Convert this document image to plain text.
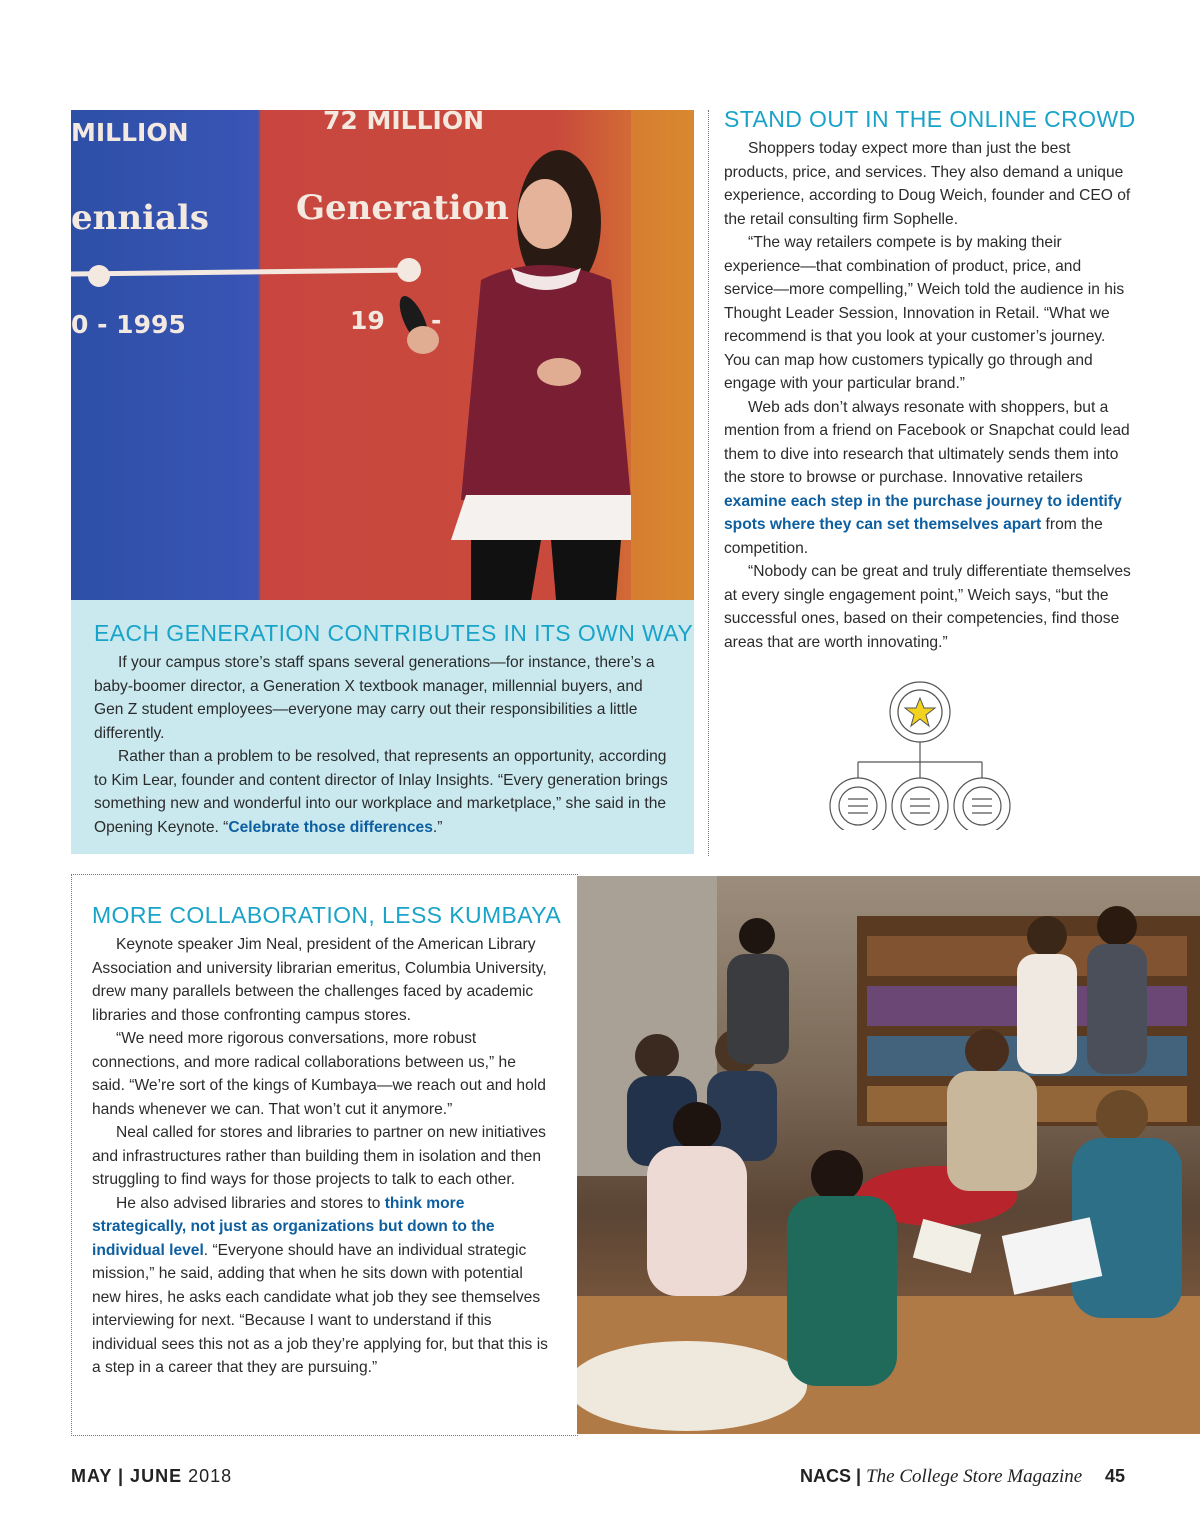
MILLION	72 MILLION
ennials	Generation
0 - 1995	19 -
EACH GENERATION CONTRIBUTES IN ITS OWN WAY

If your campus store’s staff spans several generations—for instance, there’s a baby-boomer director, a Generation X textbook manager, millennial buyers, and Gen Z student employees—everyone may carry out their responsibilities a little differently.

Rather than a problem to be resolved, that represents an opportunity, according to Kim Lear, founder and content director of Inlay Insights. “Every generation brings something new and wonderful into our workplace and marketplace,” she said in the Opening Keynote. “Celebrate those differences.”

STAND OUT IN THE ONLINE CROWD

Shoppers today expect more than just the best products, price, and services. They also demand a unique experience, according to Doug Weich, founder and CEO of the retail consulting firm Sophelle.

“The way retailers compete is by making their experience—that combination of product, price, and service—more compelling,” Weich told the audience in his Thought Leader Session, Innovation in Retail. “What we recommend is that you look at your customer’s journey. You can map how customers typically go through and engage with your particular brand.”

Web ads don’t always resonate with shoppers, but a mention from a friend on Facebook or Snapchat could lead them to dive into research that ultimately sends them into the store to browse or purchase. Innovative retailers examine each step in the purchase journey to identify spots where they can set themselves apart from the competition.

“Nobody can be great and truly differentiate themselves at every single engagement point,” Weich says, “but the successful ones, based on their competencies, find those areas that are worth innovating.”

MORE COLLABORATION, LESS KUMBAYA

Keynote speaker Jim Neal, president of the American Library Association and university librarian emeritus, Columbia University, drew many parallels between the challenges faced by academic libraries and those confronting campus stores.

“We need more rigorous conversations, more robust connections, and more radical collaborations between us,” he said. “We’re sort of the kings of Kumbaya—we reach out and hold hands whenever we can. That won’t cut it anymore.”

Neal called for stores and libraries to partner on new initiatives and infrastructures rather than building them in isolation and then struggling to find ways for those projects to talk to each other.

He also advised libraries and stores to think more strategically, not just as organizations but down to the individual level. “Everyone should have an individual strategic mission,” he said, adding that when he sits down with potential new hires, he asks each candidate what job they see themselves interviewing for next. “Because I want to understand if this individual sees this not as a job they’re applying for, but that this is a step in a career that they are pursuing.”

MAY | JUNE 2018	NACS | The College Store Magazine 45
